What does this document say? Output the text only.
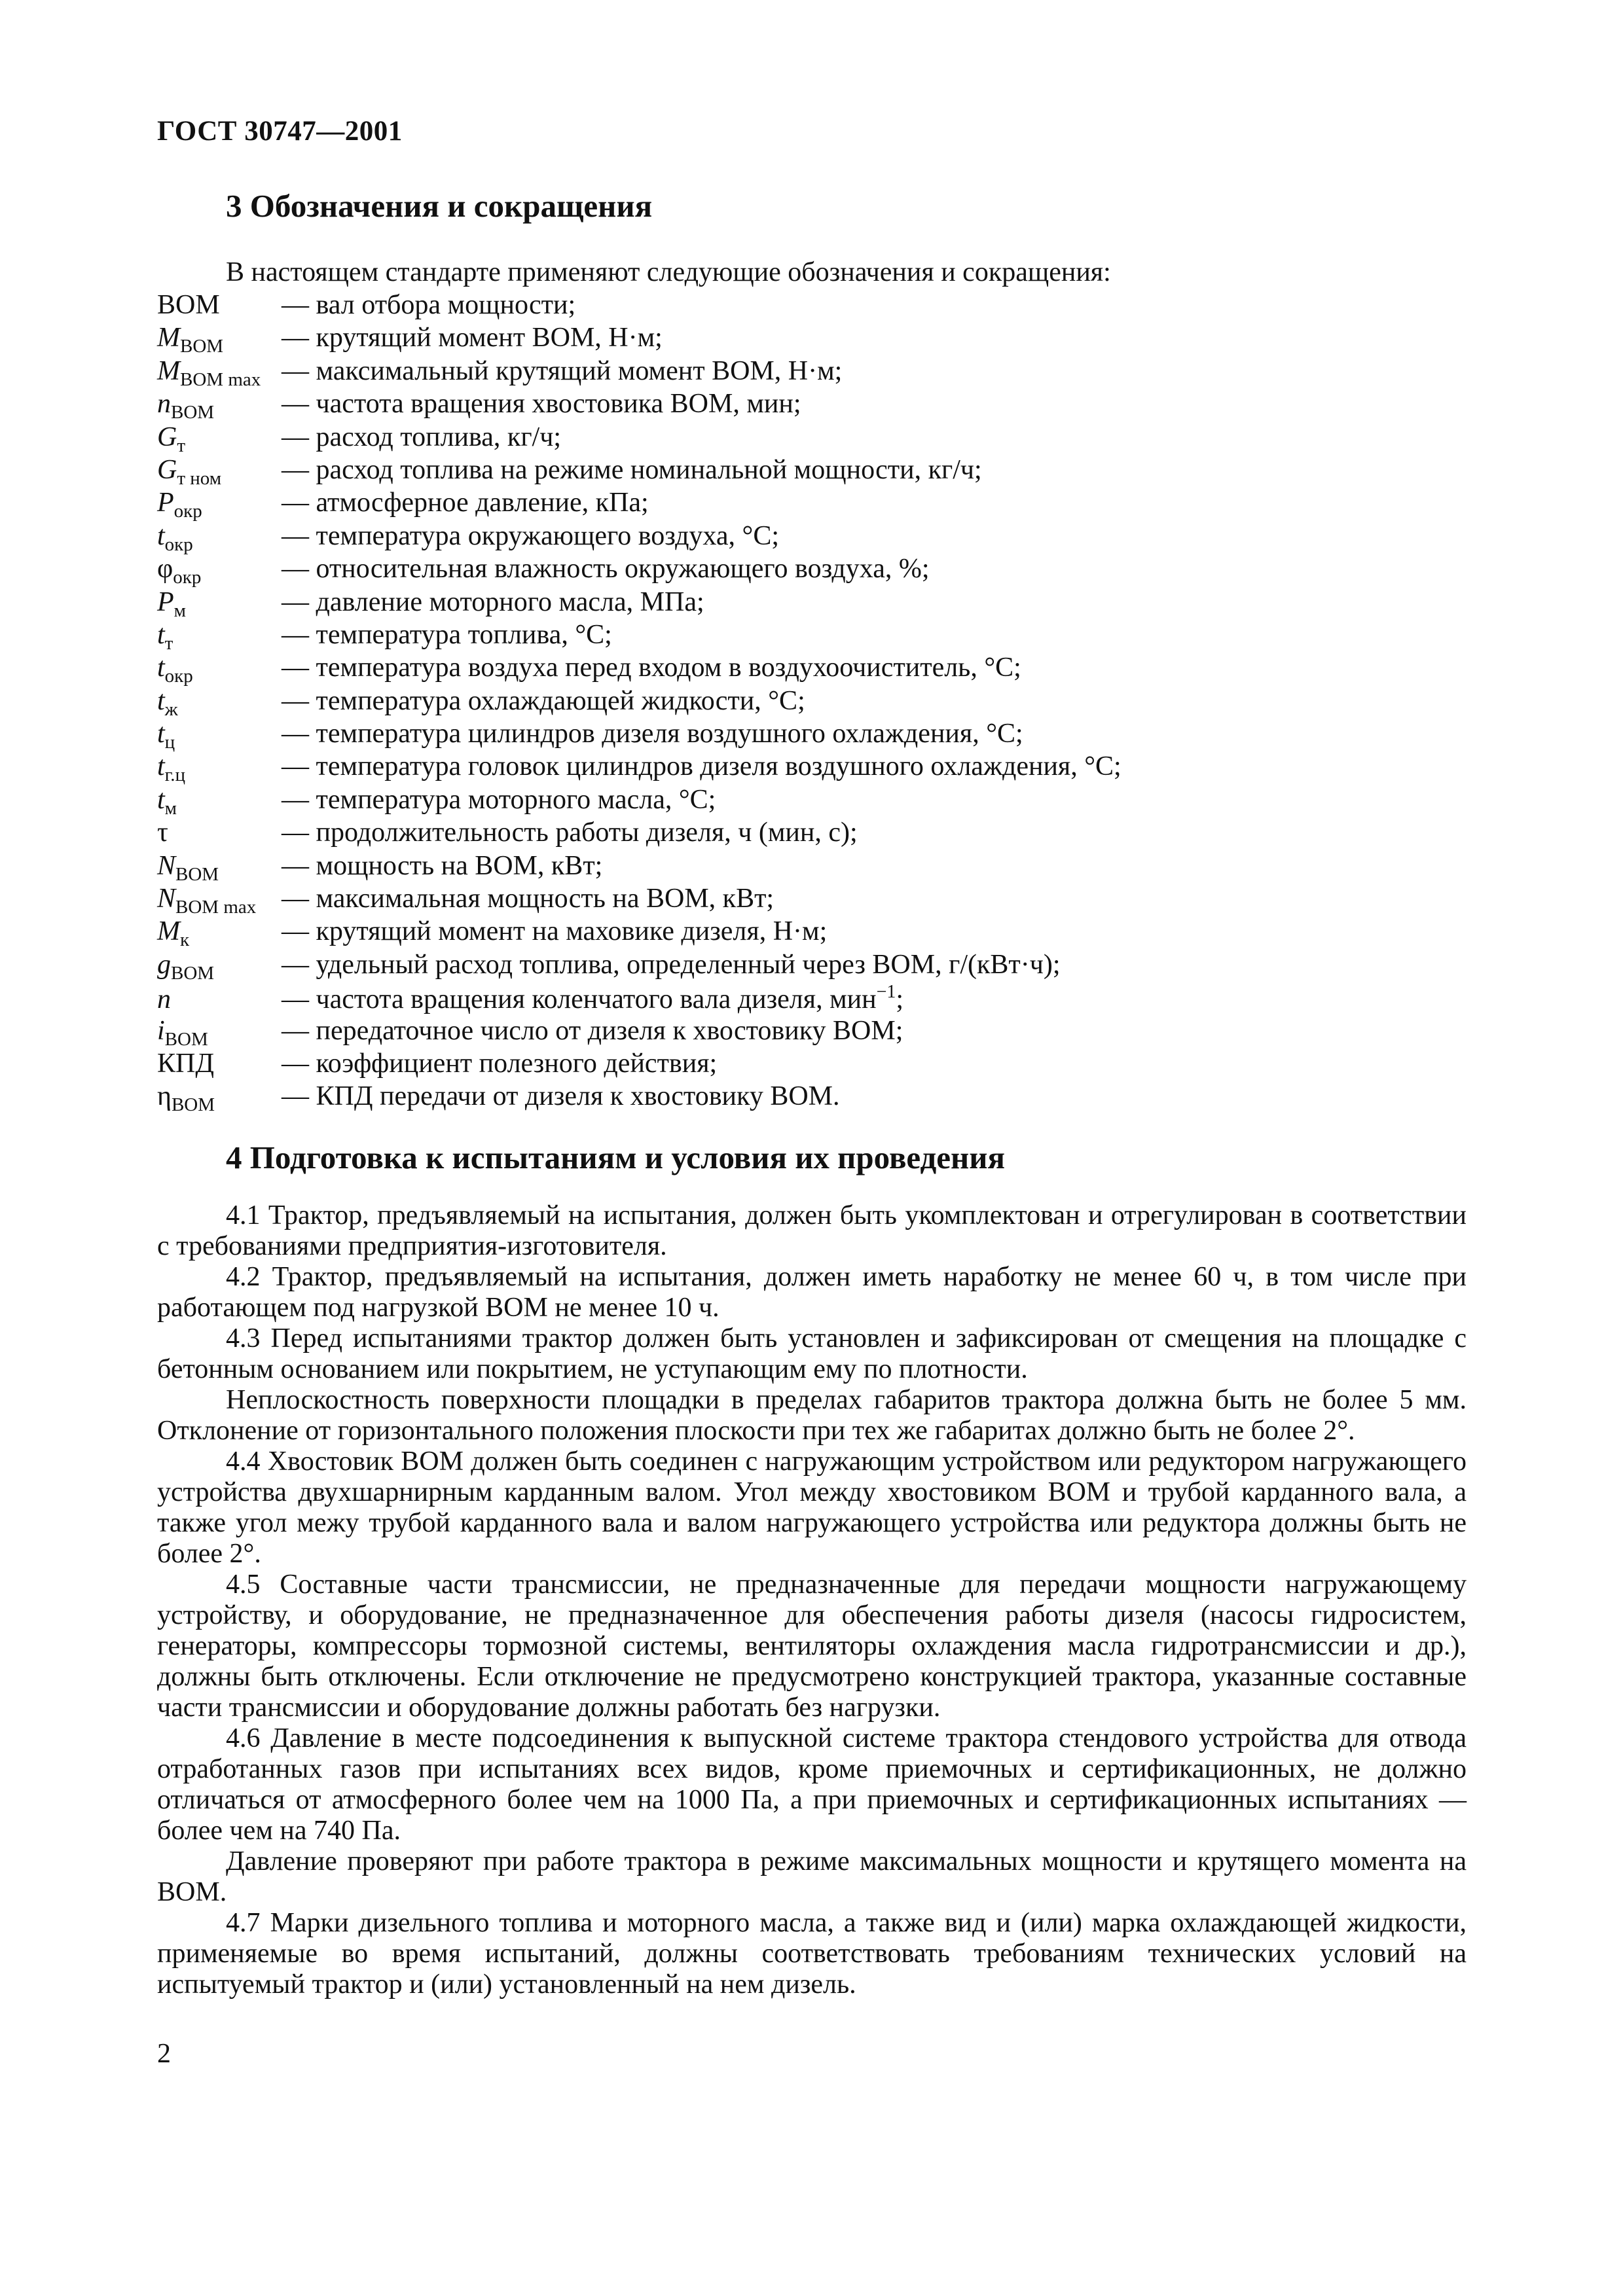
ГОСТ 30747—2001
3 Обозначения и сокращения
В настоящем стандарте применяют следующие обозначения и сокращения:
ВОМ	— вал отбора мощности;
$M_{ВОМ}$	— крутящий момент ВОМ, Н·м;
$M_{ВОМ max}$ — максимальный крутящий момент ВОМ, Н·м;
$n_{ВОМ}$	— частота вращения хвостовика ВОМ, мин;
$G_т$	— расход топлива, кг/ч;
$G_{т ном}$	— расход топлива на режиме номинальной мощности, кг/ч;
$P_{окр}$	— атмосферное давление, кПа;
$t_{окр}$	— температура окружающего воздуха, °С;
$\varphi_{окр}$	— относительная влажность окружающего воздуха, %;
$P_м$	— давление моторного масла, МПа;
$t_т$	— температура топлива, °С;
$t_{окр}$	— температура воздуха перед входом в воздухоочиститель, °С;
$t_ж$	— температура охлаждающей жидкости, °С;
$t_ц$	— температура цилиндров дизеля воздушного охлаждения, °С;
$t_{г.ц}$	— температура головок цилиндров дизеля воздушного охлаждения, °С;
$t_м$	— температура моторного масла, °С;
τ	— продолжительность работы дизеля, ч (мин, с);
$N_{ВОМ}$	— мощность на ВОМ, кВт;
$N_{ВОМ max}$ — максимальная мощность на ВОМ, кВт;
$M_к$	— крутящий момент на маховике дизеля, Н·м;
$g_{ВОМ}$	— удельный расход топлива, определенный через ВОМ, г/(кВт·ч);
n	— частота вращения коленчатого вала дизеля, мин$^{-1}$;
$i_{ВОМ}$	— передаточное число от дизеля к хвостовику ВОМ;
КПД	— коэффициент полезного действия;
$\eta_{ВОМ}$	— КПД передачи от дизеля к хвостовику ВОМ.
4 Подготовка к испытаниям и условия их проведения

4.1 Трактор, предъявляемый на испытания, должен быть укомплектован и отрегулирован в соответствии с требованиями предприятия-изготовителя.

4.2 Трактор, предъявляемый на испытания, должен иметь наработку не менее 60 ч, в том числе при работающем под нагрузкой ВОМ не менее 10 ч.

4.3 Перед испытаниями трактор должен быть установлен и зафиксирован от смещения на площадке с бетонным основанием или покрытием, не уступающим ему по плотности.

Неплоскостность поверхности площадки в пределах габаритов трактора должна быть не более 5 мм. Отклонение от горизонтального положения плоскости при тех же габаритах должно быть не более 2°.

4.4 Хвостовик ВОМ должен быть соединен с нагружающим устройством или редуктором нагружающего устройства двухшарнирным карданным валом. Угол между хвостовиком ВОМ и трубой карданного вала, а также угол межу трубой карданного вала и валом нагружающего устройства или редуктора должны быть не более 2°.

4.5 Составные части трансмиссии, не предназначенные для передачи мощности нагружающему устройству, и оборудование, не предназначенное для обеспечения работы дизеля (насосы гидросистем, генераторы, компрессоры тормозной системы, вентиляторы охлаждения масла гидротрансмиссии и др.), должны быть отключены. Если отключение не предусмотрено конструкцией трактора, указанные составные части трансмиссии и оборудование должны работать без нагрузки.

4.6 Давление в месте подсоединения к выпускной системе трактора стендового устройства для отвода отработанных газов при испытаниях всех видов, кроме приемочных и сертификационных, не должно отличаться от атмосферного более чем на 1000 Па, а при приемочных и сертификационных испытаниях — более чем на 740 Па.

Давление проверяют при работе трактора в режиме максимальных мощности и крутящего момента на ВОМ.

4.7 Марки дизельного топлива и моторного масла, а также вид и (или) марка охлаждающей жидкости, применяемые во время испытаний, должны соответствовать требованиям технических условий на испытуемый трактор и (или) установленный на нем дизель.

2
